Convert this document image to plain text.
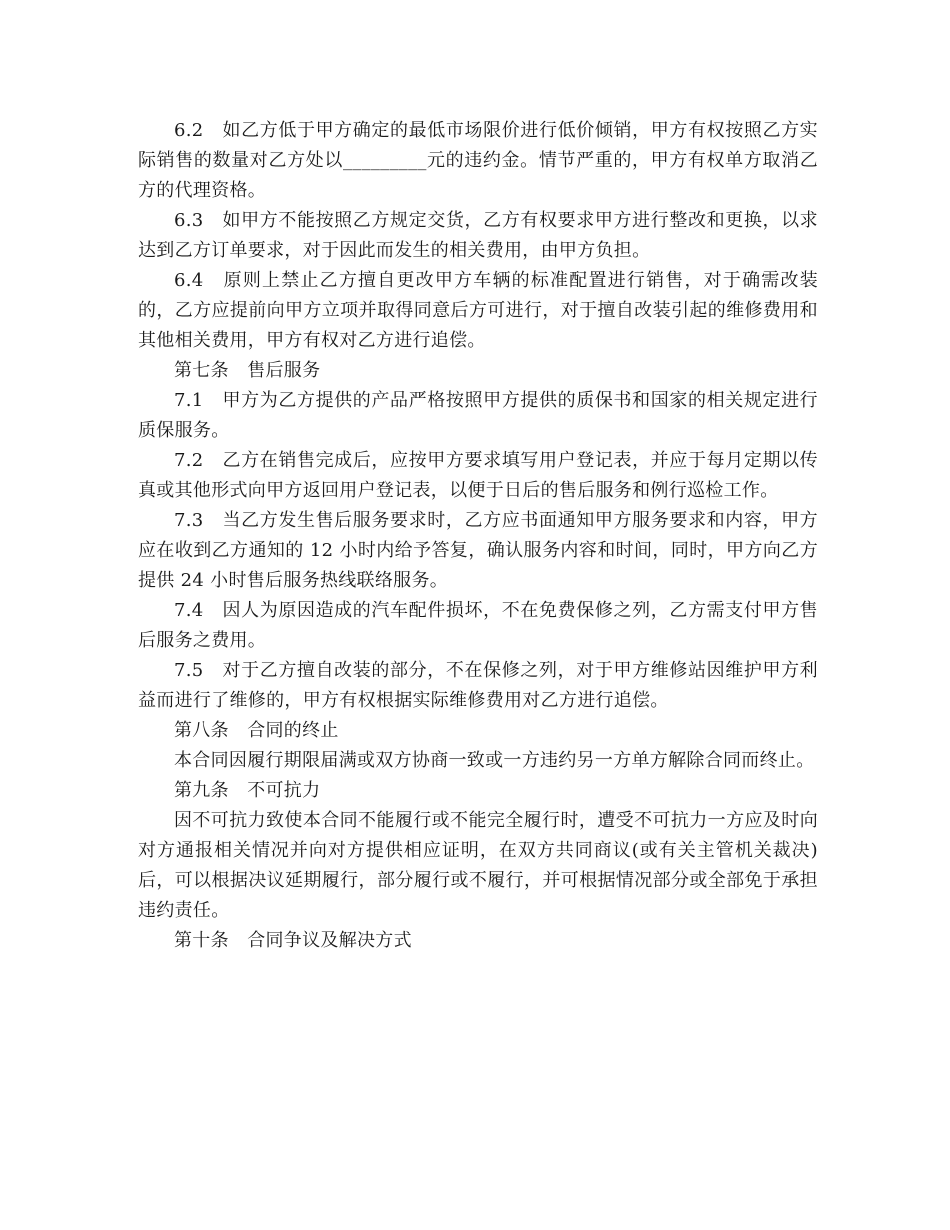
6.2　如乙方低于甲方确定的最低市场限价进行低价倾销，甲方有权按照乙方实际销售的数量对乙方处以_________元的违约金。情节严重的，甲方有权单方取消乙方的代理资格。

6.3　如甲方不能按照乙方规定交货，乙方有权要求甲方进行整改和更换，以求达到乙方订单要求，对于因此而发生的相关费用，由甲方负担。

6.4　原则上禁止乙方擅自更改甲方车辆的标准配置进行销售，对于确需改装的，乙方应提前向甲方立项并取得同意后方可进行，对于擅自改装引起的维修费用和其他相关费用，甲方有权对乙方进行追偿。

第七条　售后服务

7.1　甲方为乙方提供的产品严格按照甲方提供的质保书和国家的相关规定进行质保服务。

7.2　乙方在销售完成后，应按甲方要求填写用户登记表，并应于每月定期以传真或其他形式向甲方返回用户登记表，以便于日后的售后服务和例行巡检工作。

7.3　当乙方发生售后服务要求时，乙方应书面通知甲方服务要求和内容，甲方应在收到乙方通知的 12 小时内给予答复，确认服务内容和时间，同时，甲方向乙方提供 24 小时售后服务热线联络服务。

7.4　因人为原因造成的汽车配件损坏，不在免费保修之列，乙方需支付甲方售后服务之费用。

7.5　对于乙方擅自改装的部分，不在保修之列，对于甲方维修站因维护甲方利益而进行了维修的，甲方有权根据实际维修费用对乙方进行追偿。

第八条　合同的终止

本合同因履行期限届满或双方协商一致或一方违约另一方单方解除合同而终止。

第九条　不可抗力

因不可抗力致使本合同不能履行或不能完全履行时，遭受不可抗力一方应及时向对方通报相关情况并向对方提供相应证明，在双方共同商议(或有关主管机关裁决)后，可以根据决议延期履行，部分履行或不履行，并可根据情况部分或全部免于承担违约责任。

第十条　合同争议及解决方式
